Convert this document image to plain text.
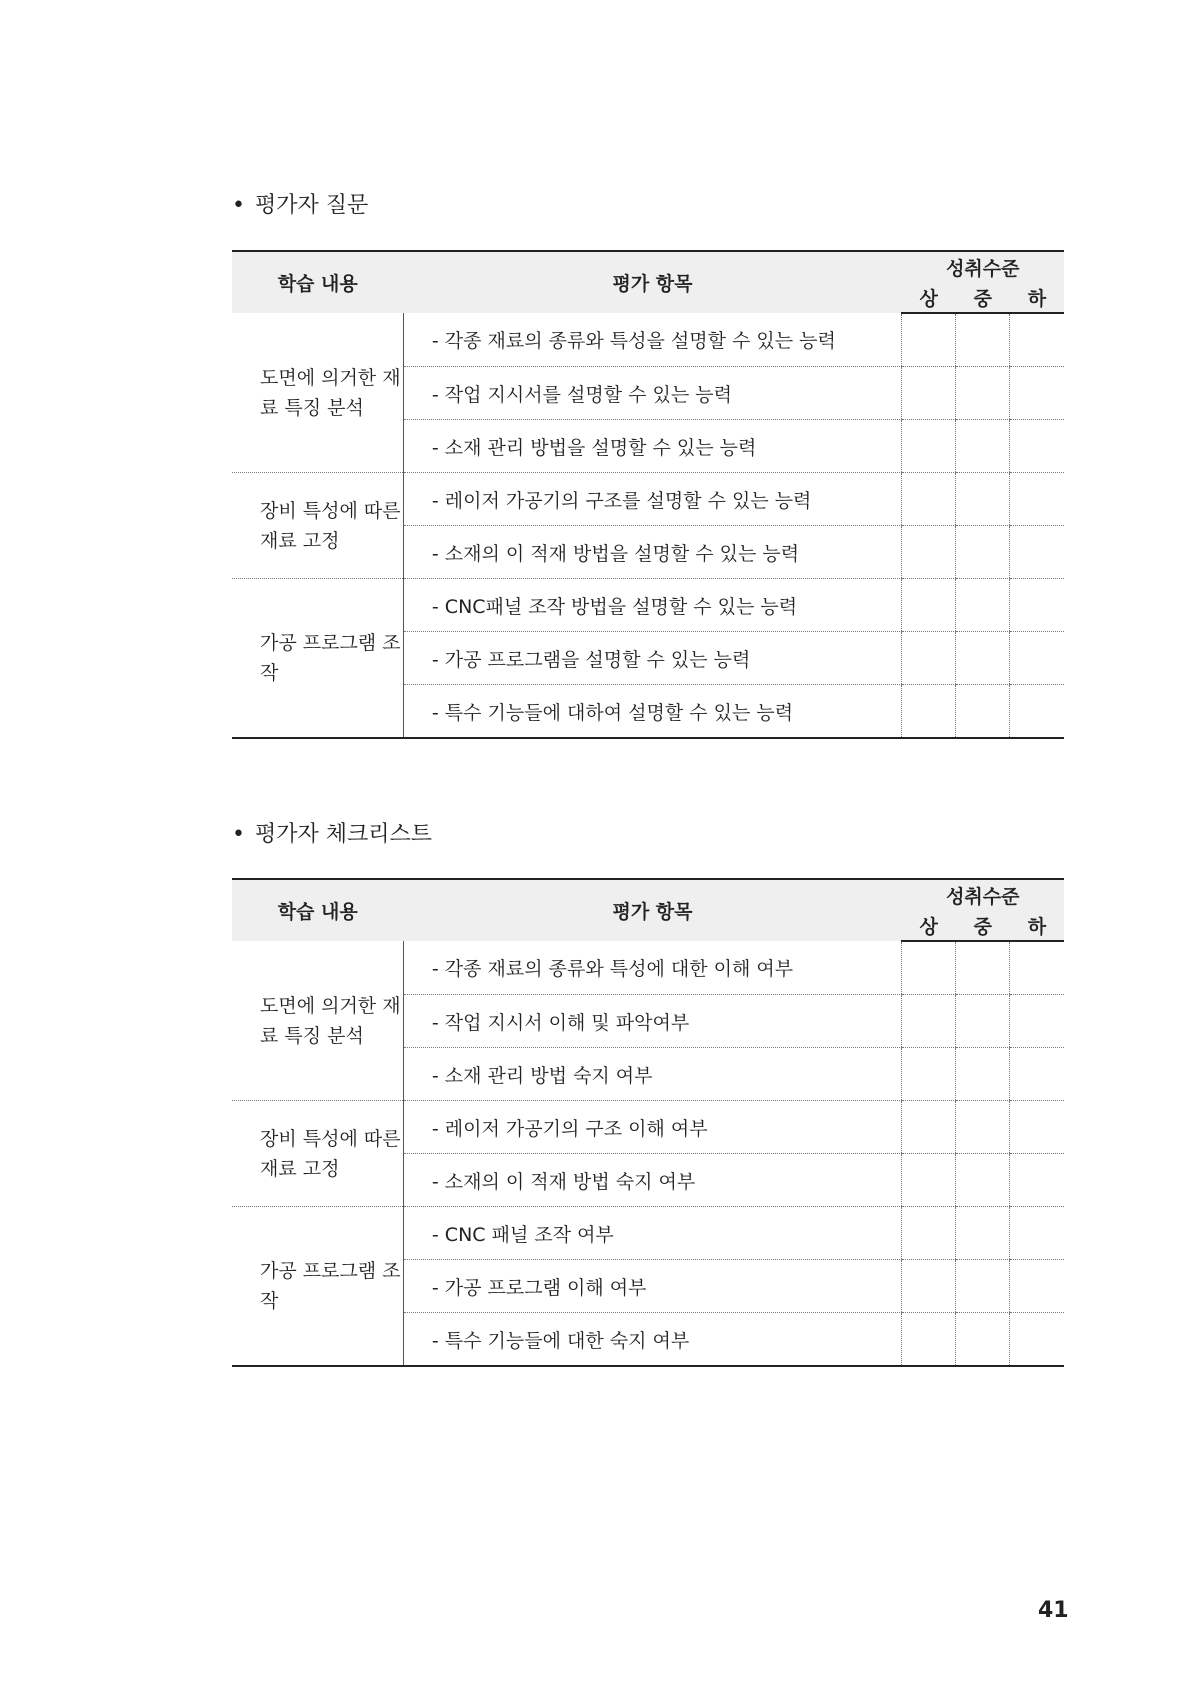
• 평가자 질문
학습 내용	평가 항목	성취수준		
		상	중	하
도면에 의거한 재료 특징 분석	- 각종 재료의 종류와 특성을 설명할 수 있는 능력			
	- 작업 지시서를 설명할 수 있는 능력			
	- 소재 관리 방법을 설명할 수 있는 능력			
장비 특성에 따른 재료 고정	- 레이저 가공기의 구조를 설명할 수 있는 능력			
	- 소재의 이 적재 방법을 설명할 수 있는 능력			
가공 프로그램 조작	- CNC패널 조작 방법을 설명할 수 있는 능력			
	- 가공 프로그램을 설명할 수 있는 능력			
	- 특수 기능들에 대하여 설명할 수 있는 능력			
• 평가자 체크리스트
학습 내용	평가 항목	성취수준		
		상	중	하
도면에 의거한 재료 특징 분석	- 각종 재료의 종류와 특성에 대한 이해 여부			
	- 작업 지시서 이해 및 파악여부			
	- 소재 관리 방법 숙지 여부			
장비 특성에 따른 재료 고정	- 레이저 가공기의 구조 이해 여부			
	- 소재의 이 적재 방법 숙지 여부			
가공 프로그램 조작	- CNC 패널 조작 여부			
	- 가공 프로그램 이해 여부			
	- 특수 기능들에 대한 숙지 여부			
41
